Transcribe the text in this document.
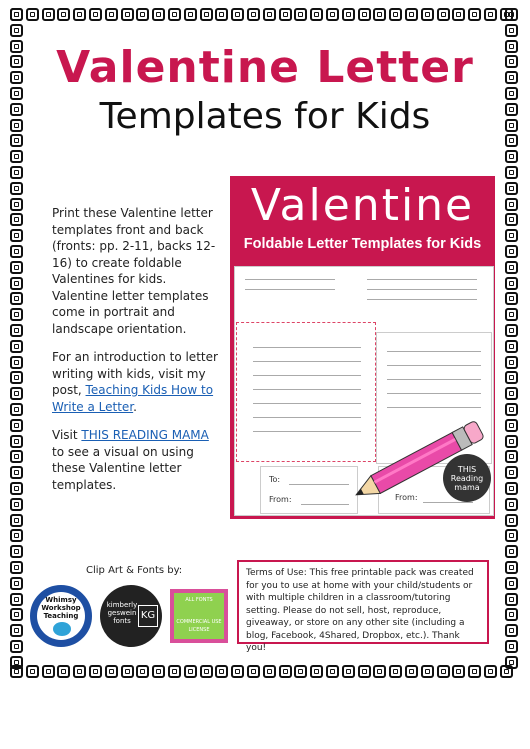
Valentine Letter
Templates for Kids

Print these Valentine letter templates front and back (fronts: pp. 2-11, backs 12-16) to create foldable Valentines for kids.
Valentine letter templates come in portrait and landscape orientation.

For an introduction to letter writing with kids, visit my post, Teaching Kids How to Write a Letter.

Visit THIS READING MAMA to see a visual on using these Valentine letter templates.

Valentine
Foldable Letter Templates for Kids
To:
From:	From:
THIS Reading mama
Clip Art & Fonts by:
Whimsy Workshop Teaching
kimberly geswein fonts	KG
ALL FONTS
COMMERCIAL USE
LICENSE
Terms of Use: This free printable pack was created for you to use at home with your child/students or with multiple children in a classroom/tutoring setting. Please do not sell, host, reproduce, giveaway, or store on any other site (including a blog, Facebook, 4Shared, Dropbox, etc.). Thank you!
